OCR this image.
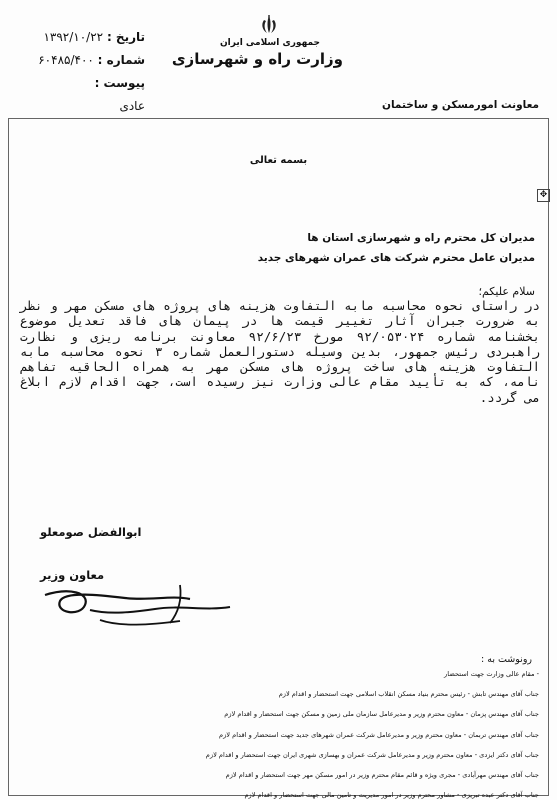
تاریخ : ۱۳۹۲/۱۰/۲۲
شماره : ۶۰۴۸۵/۴۰۰
پیوست :
عادی
جمهوری اسلامی ایران
وزارت راه و شهرسازی
معاونت امورمسکن و ساختمان
بسمه تعالی
✥
مدیران کل محترم راه و شهرسازی استان ها
مدیران عامل محترم شرکت های عمران شهرهای جدید
سلام علیکم؛

در راستای نحوه محاسبه مابه التفاوت هزینه های پروژه های مسکن مهر و نظر به ضرورت جبران آثار تغییر قیمت ها در پیمان های فاقد تعدیل موضوع بخشنامه شماره ۹۲/۰۵۳۰۲۴ مورخ ۹۲/۶/۲۳ معاونت برنامه ریزی و نظارت راهبردی رئیس جمهور، بدین وسیله دستورالعمل شماره ۳ نحوه محاسبه مابه التفاوت هزینه های ساخت پروژه های مسکن مهر به همراه الحاقیه تفاهم نامه، که به تأیید مقام عالی وزارت نیز رسیده است، جهت اقدام لازم ابلاغ می گردد.

ابوالفضل صومعلو
معاون وزیر
رونوشت به :
- مقام عالی وزارت جهت استحضار
جناب آقای مهندس تابش - رئیس محترم بنیاد مسکن انقلاب اسلامی جهت استحضار و اقدام لازم
جناب آقای مهندس پزمان - معاون محترم وزیر و مدیرعامل سازمان ملی زمین و مسکن جهت استحضار و اقدام لازم
جناب آقای مهندس تربمان - معاون محترم وزیر و مدیرعامل شرکت عمران شهرهای جدید جهت استحضار و اقدام لازم
جناب آقای دکتر ایزدی - معاون محترم وزیر و مدیرعامل شرکت عمران و بهسازی شهری ایران جهت استحضار و اقدام لازم
جناب آقای مهندس مهرآبادی - مجری ویژه و قائم مقام محترم وزیر در امور مسکن مهر جهت استحضار و اقدام لازم
جناب آقای دکتر عبده تبریزی - مشاور محترم وزیر در امور مدیریت و تامین مالی جهت استحضار و اقدام لازم
